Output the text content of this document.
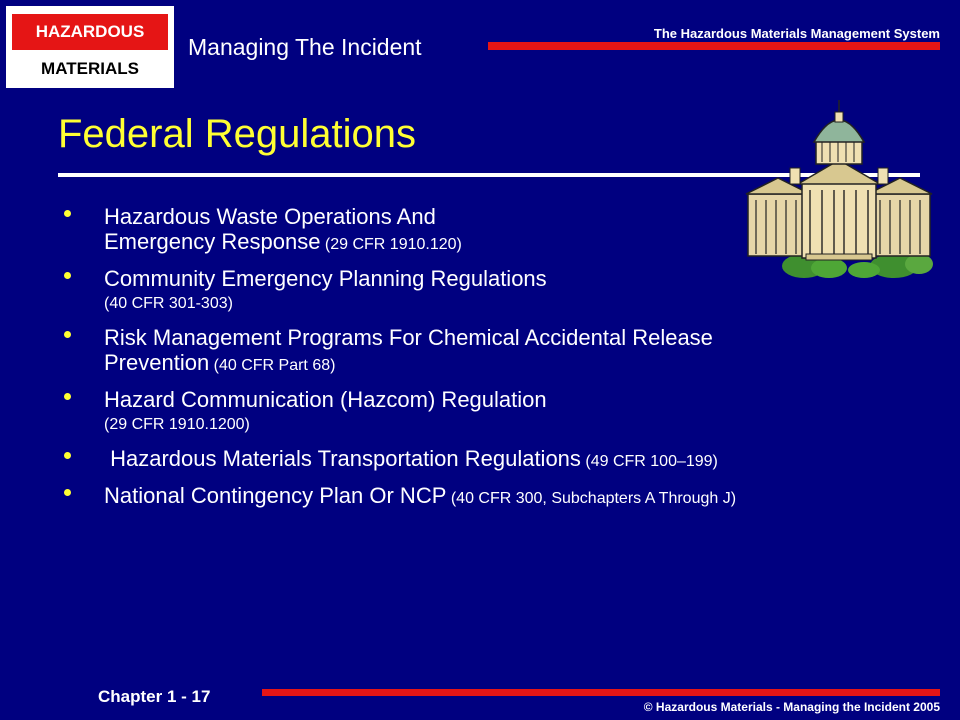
HAZARDOUS
MATERIALS
Managing The Incident
The Hazardous Materials Management System
Federal Regulations
Hazardous Waste Operations And
Emergency Response (29 CFR 1910.120)
Community Emergency Planning Regulations
(40 CFR 301-303)
Risk Management Programs For Chemical Accidental Release
Prevention (40 CFR Part 68)
Hazard Communication (Hazcom) Regulation
(29 CFR 1910.1200)
Hazardous Materials Transportation Regulations (49 CFR 100–199)
National Contingency Plan Or NCP (40 CFR 300, Subchapters A Through J)
Chapter 1 - 17
© Hazardous Materials - Managing the Incident 2005
